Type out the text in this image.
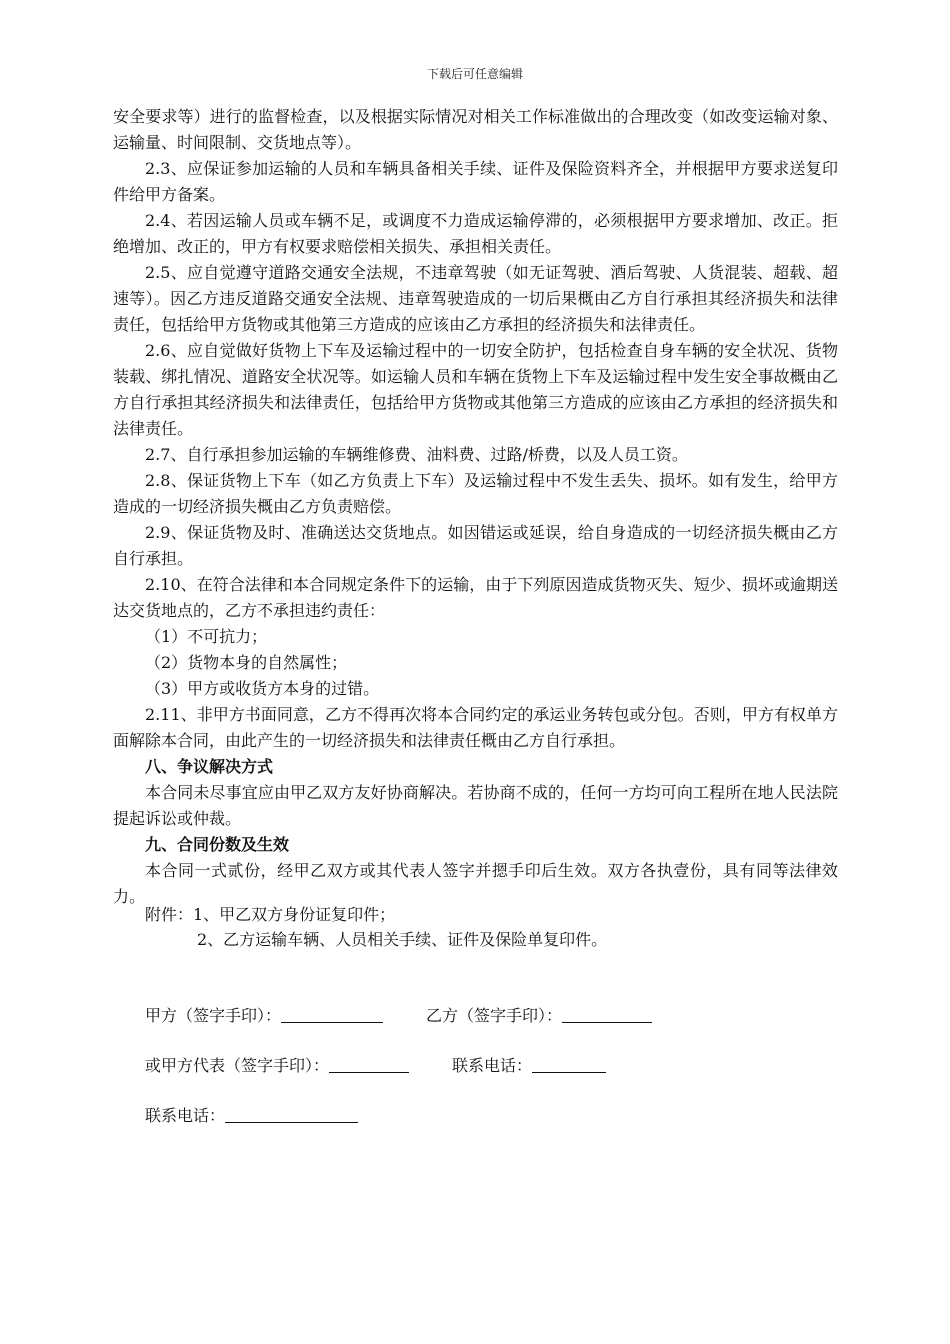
下载后可任意编辑

安全要求等）进行的监督检查，以及根据实际情况对相关工作标准做出的合理改变（如改变运输对象、运输量、时间限制、交货地点等）。

2.3、应保证参加运输的人员和车辆具备相关手续、证件及保险资料齐全，并根据甲方要求送复印件给甲方备案。

2.4、若因运输人员或车辆不足，或调度不力造成运输停滞的，必须根据甲方要求增加、改正。拒绝增加、改正的，甲方有权要求赔偿相关损失、承担相关责任。

2.5、应自觉遵守道路交通安全法规，不违章驾驶（如无证驾驶、酒后驾驶、人货混装、超载、超速等）。因乙方违反道路交通安全法规、违章驾驶造成的一切后果概由乙方自行承担其经济损失和法律责任，包括给甲方货物或其他第三方造成的应该由乙方承担的经济损失和法律责任。

2.6、应自觉做好货物上下车及运输过程中的一切安全防护，包括检查自身车辆的安全状况、货物装载、绑扎情况、道路安全状况等。如运输人员和车辆在货物上下车及运输过程中发生安全事故概由乙方自行承担其经济损失和法律责任，包括给甲方货物或其他第三方造成的应该由乙方承担的经济损失和法律责任。

2.7、自行承担参加运输的车辆维修费、油料费、过路/桥费，以及人员工资。

2.8、保证货物上下车（如乙方负责上下车）及运输过程中不发生丢失、损坏。如有发生，给甲方造成的一切经济损失概由乙方负责赔偿。

2.9、保证货物及时、准确送达交货地点。如因错运或延误，给自身造成的一切经济损失概由乙方自行承担。

2.10、在符合法律和本合同规定条件下的运输，由于下列原因造成货物灭失、短少、损坏或逾期送达交货地点的，乙方不承担违约责任：

（1）不可抗力；

（2）货物本身的自然属性；

（3）甲方或收货方本身的过错。

2.11、非甲方书面同意，乙方不得再次将本合同约定的承运业务转包或分包。否则，甲方有权单方面解除本合同，由此产生的一切经济损失和法律责任概由乙方自行承担。

八、争议解决方式

本合同未尽事宜应由甲乙双方友好协商解决。若协商不成的，任何一方均可向工程所在地人民法院提起诉讼或仲裁。

九、合同份数及生效

本合同一式贰份，经甲乙双方或其代表人签字并摁手印后生效。双方各执壹份，具有同等法律效力。

附件：1、甲乙双方身份证复印件；
2、乙方运输车辆、人员相关手续、证件及保险单复印件。
甲方（签字手印）：	乙方（签字手印）：
或甲方代表（签字手印）：	联系电话：
联系电话：
